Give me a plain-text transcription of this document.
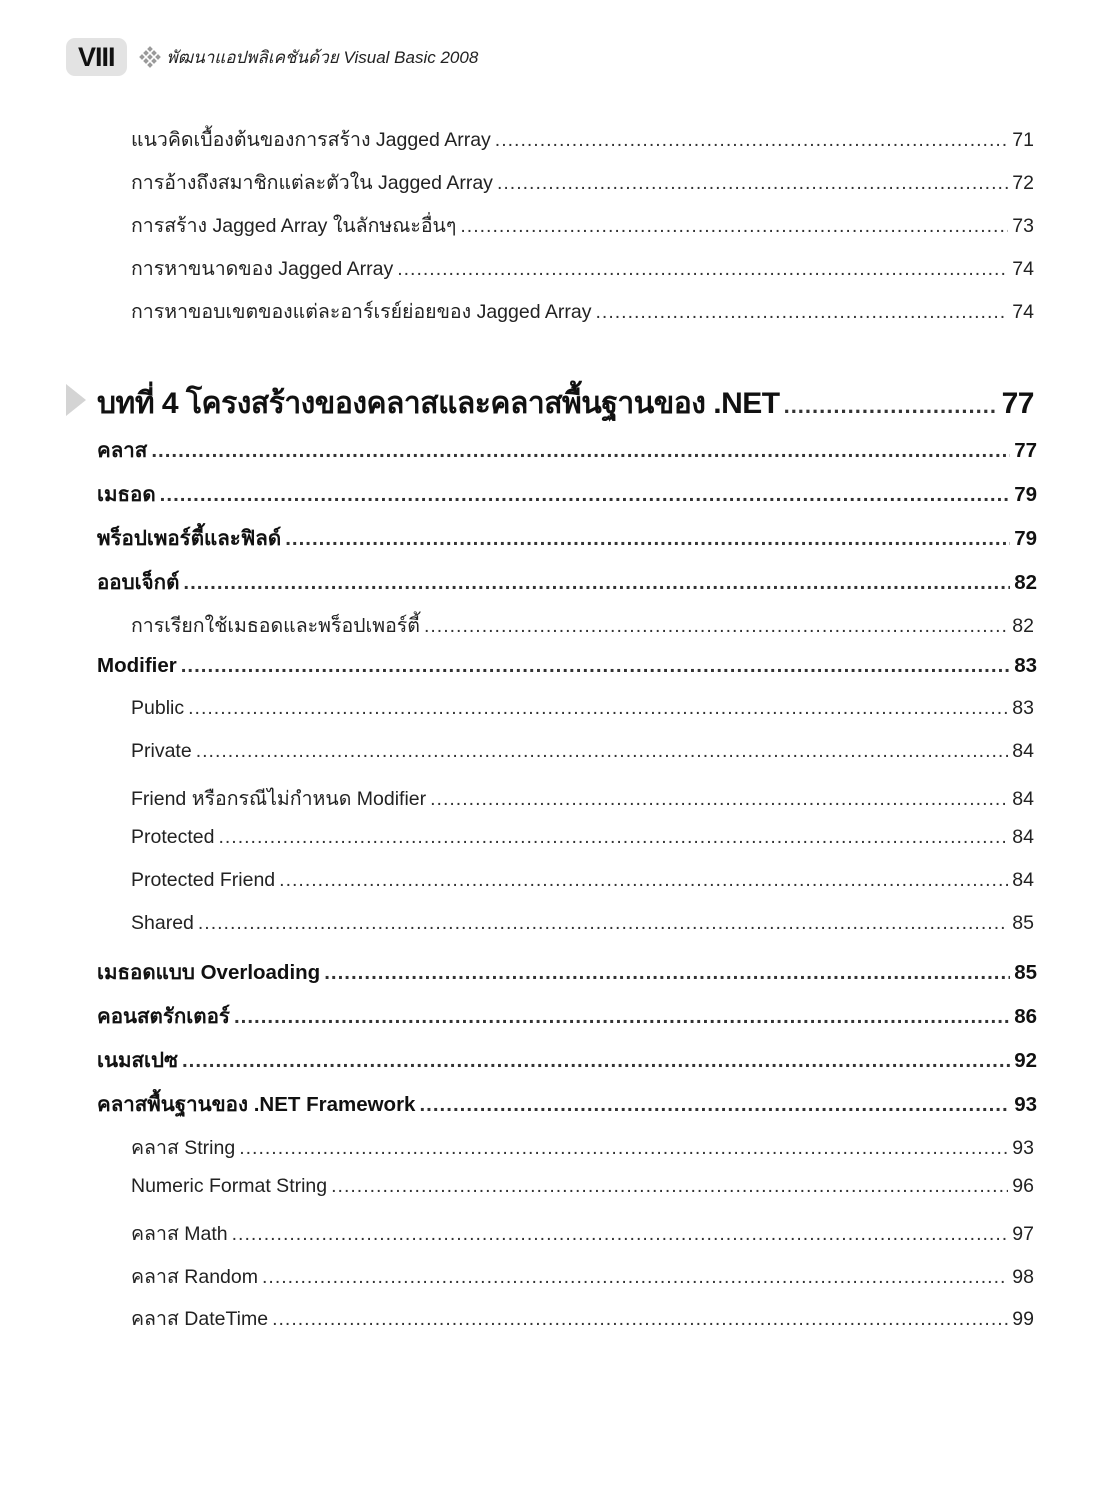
VIII	พัฒนาแอปพลิเคชันด้วย Visual Basic 2008
แนวคิดเบื้องต้นของการสร้าง Jagged Array .....	71
การอ้างถึงสมาชิกแต่ละตัวใน Jagged Array .....	72
การสร้าง Jagged Array ในลักษณะอื่นๆ .....	73
การหาขนาดของ Jagged Array .....	74
การหาขอบเขตของแต่ละอาร์เรย์ย่อยของ Jagged Array .....	74
บทที่ 4 โครงสร้างของคลาสและคลาสพื้นฐานของ .NET .....	77
คลาส .....	77
เมธอด .....	79
พร็อปเพอร์ตี้และฟิลด์ .....	79
ออบเจ็กต์ .....	82
การเรียกใช้เมธอดและพร็อปเพอร์ตี้ .....	82
Modifier .....	83
Public .....	83
Private .....	84
Friend หรือกรณีไม่กำหนด Modifier .....	84
Protected .....	84
Protected Friend .....	84
Shared .....	85
เมธอดแบบ Overloading .....	85
คอนสตรักเตอร์ .....	86
เนมสเปซ .....	92
คลาสพื้นฐานของ .NET Framework .....	93
คลาส String .....	93
Numeric Format String .....	96
คลาส Math .....	97
คลาส Random .....	98
คลาส DateTime .....	99
